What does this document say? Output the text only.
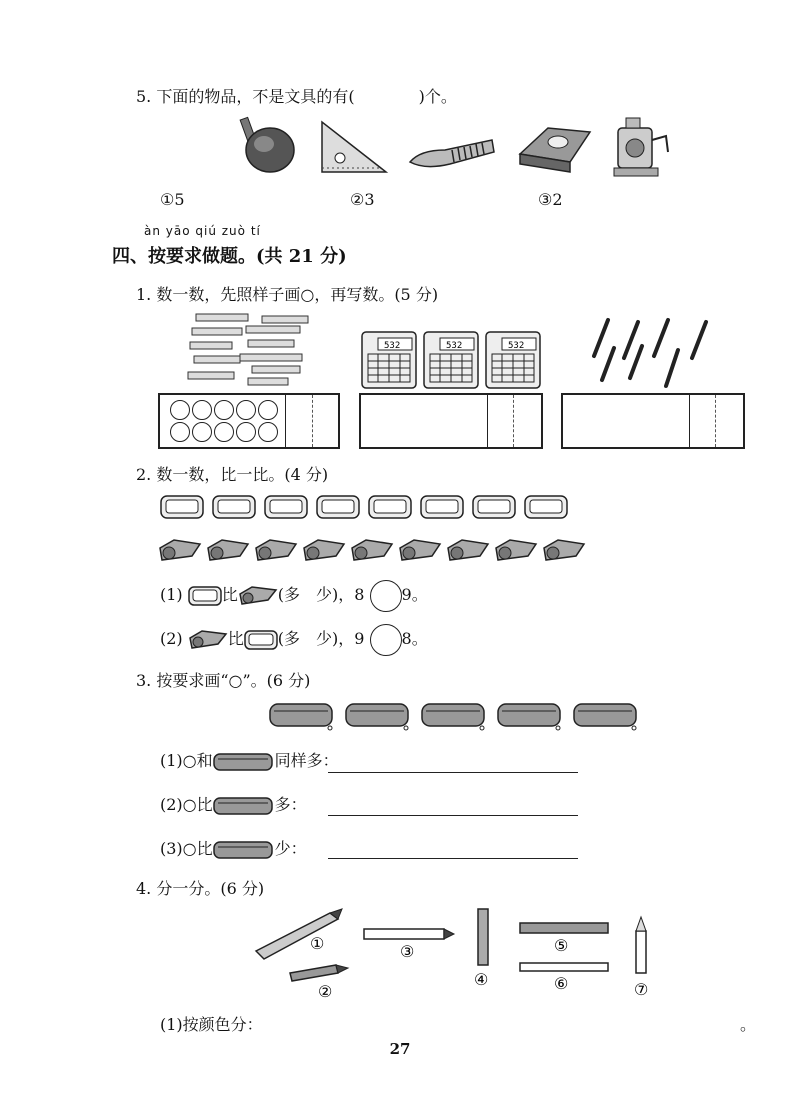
5. 下面的物品，不是文具的有(	)个。
①5	②3	③2
àn yāo qiú zuò tí
四、按要求做题。(共 21 分)
1. 数一数，先照样子画○，再写数。(5 分)
532	532	532
2. 数一数，比一比。(4 分)
(1) 比	(多　少)，8 9。
(2)	比 (多　少)，9 8。
3. 按要求画“○”。(6 分)
(1)○和	同样多：
(2)○比	多：
(3)○比	少：
4. 分一分。(6 分)
①
②
③
④
⑤
⑥	⑦
(1)按颜色分：	。
27
